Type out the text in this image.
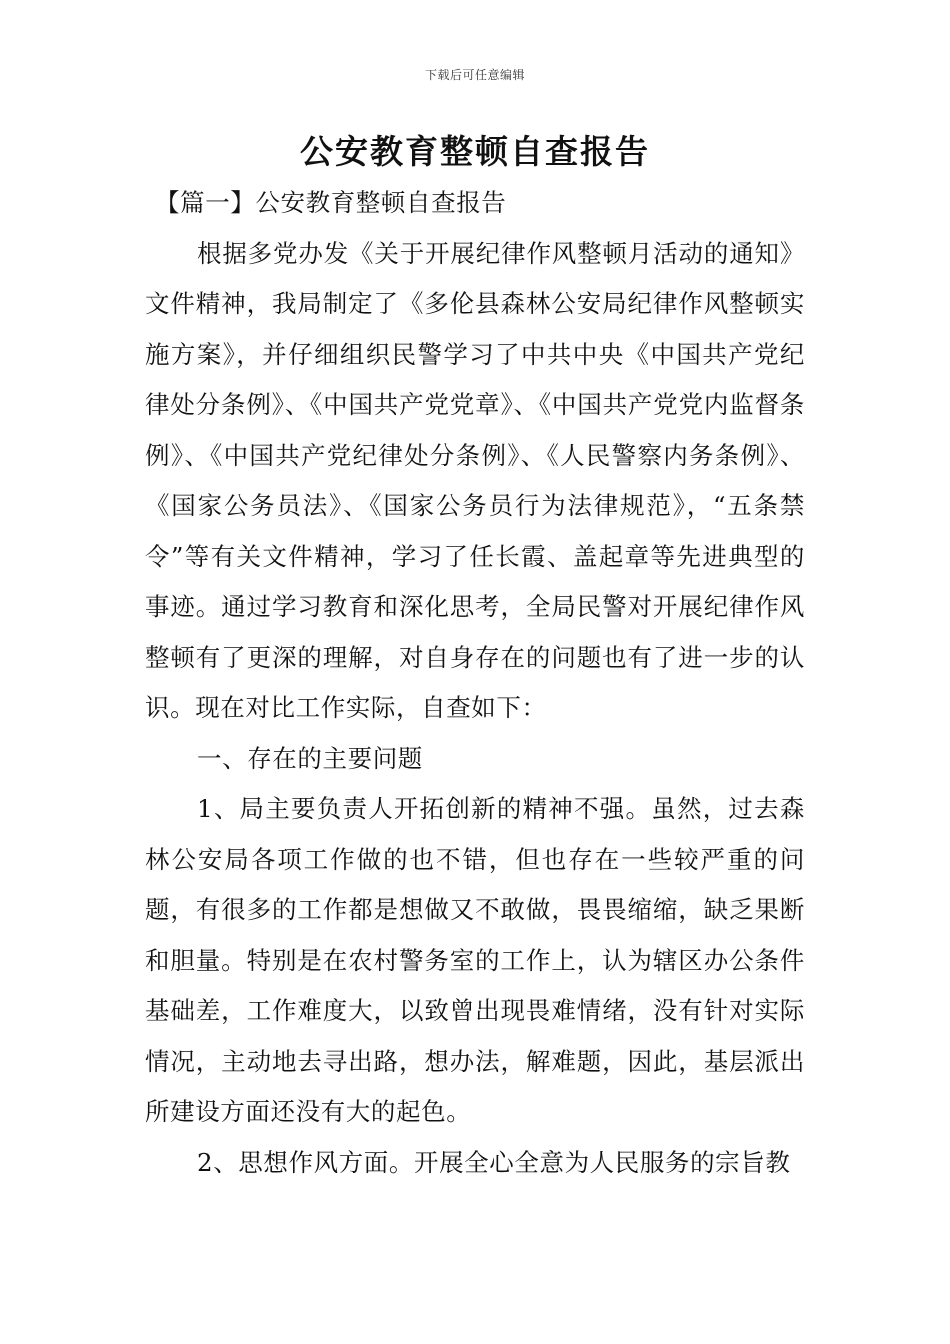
下载后可任意编辑
公安教育整顿自查报告

【篇一】公安教育整顿自查报告

根据多党办发《关于开展纪律作风整顿月活动的通知》文件精神，我局制定了《多伦县森林公安局纪律作风整顿实施方案》，并仔细组织民警学习了中共中央《中国共产党纪律处分条例》、《中国共产党党章》、《中国共产党党内监督条例》、《中国共产党纪律处分条例》、《人民警察内务条例》、《国家公务员法》、《国家公务员行为法律规范》，“五条禁令”等有关文件精神，学习了任长霞、盖起章等先进典型的事迹。通过学习教育和深化思考，全局民警对开展纪律作风整顿有了更深的理解，对自身存在的问题也有了进一步的认识。现在对比工作实际，自查如下：

一、存在的主要问题

1、局主要负责人开拓创新的精神不强。虽然，过去森林公安局各项工作做的也不错，但也存在一些较严重的问题，有很多的工作都是想做又不敢做，畏畏缩缩，缺乏果断和胆量。特别是在农村警务室的工作上，认为辖区办公条件基础差，工作难度大，以致曾出现畏难情绪，没有针对实际情况，主动地去寻出路，想办法，解难题，因此，基层派出所建设方面还没有大的起色。

2、思想作风方面。开展全心全意为人民服务的宗旨教
